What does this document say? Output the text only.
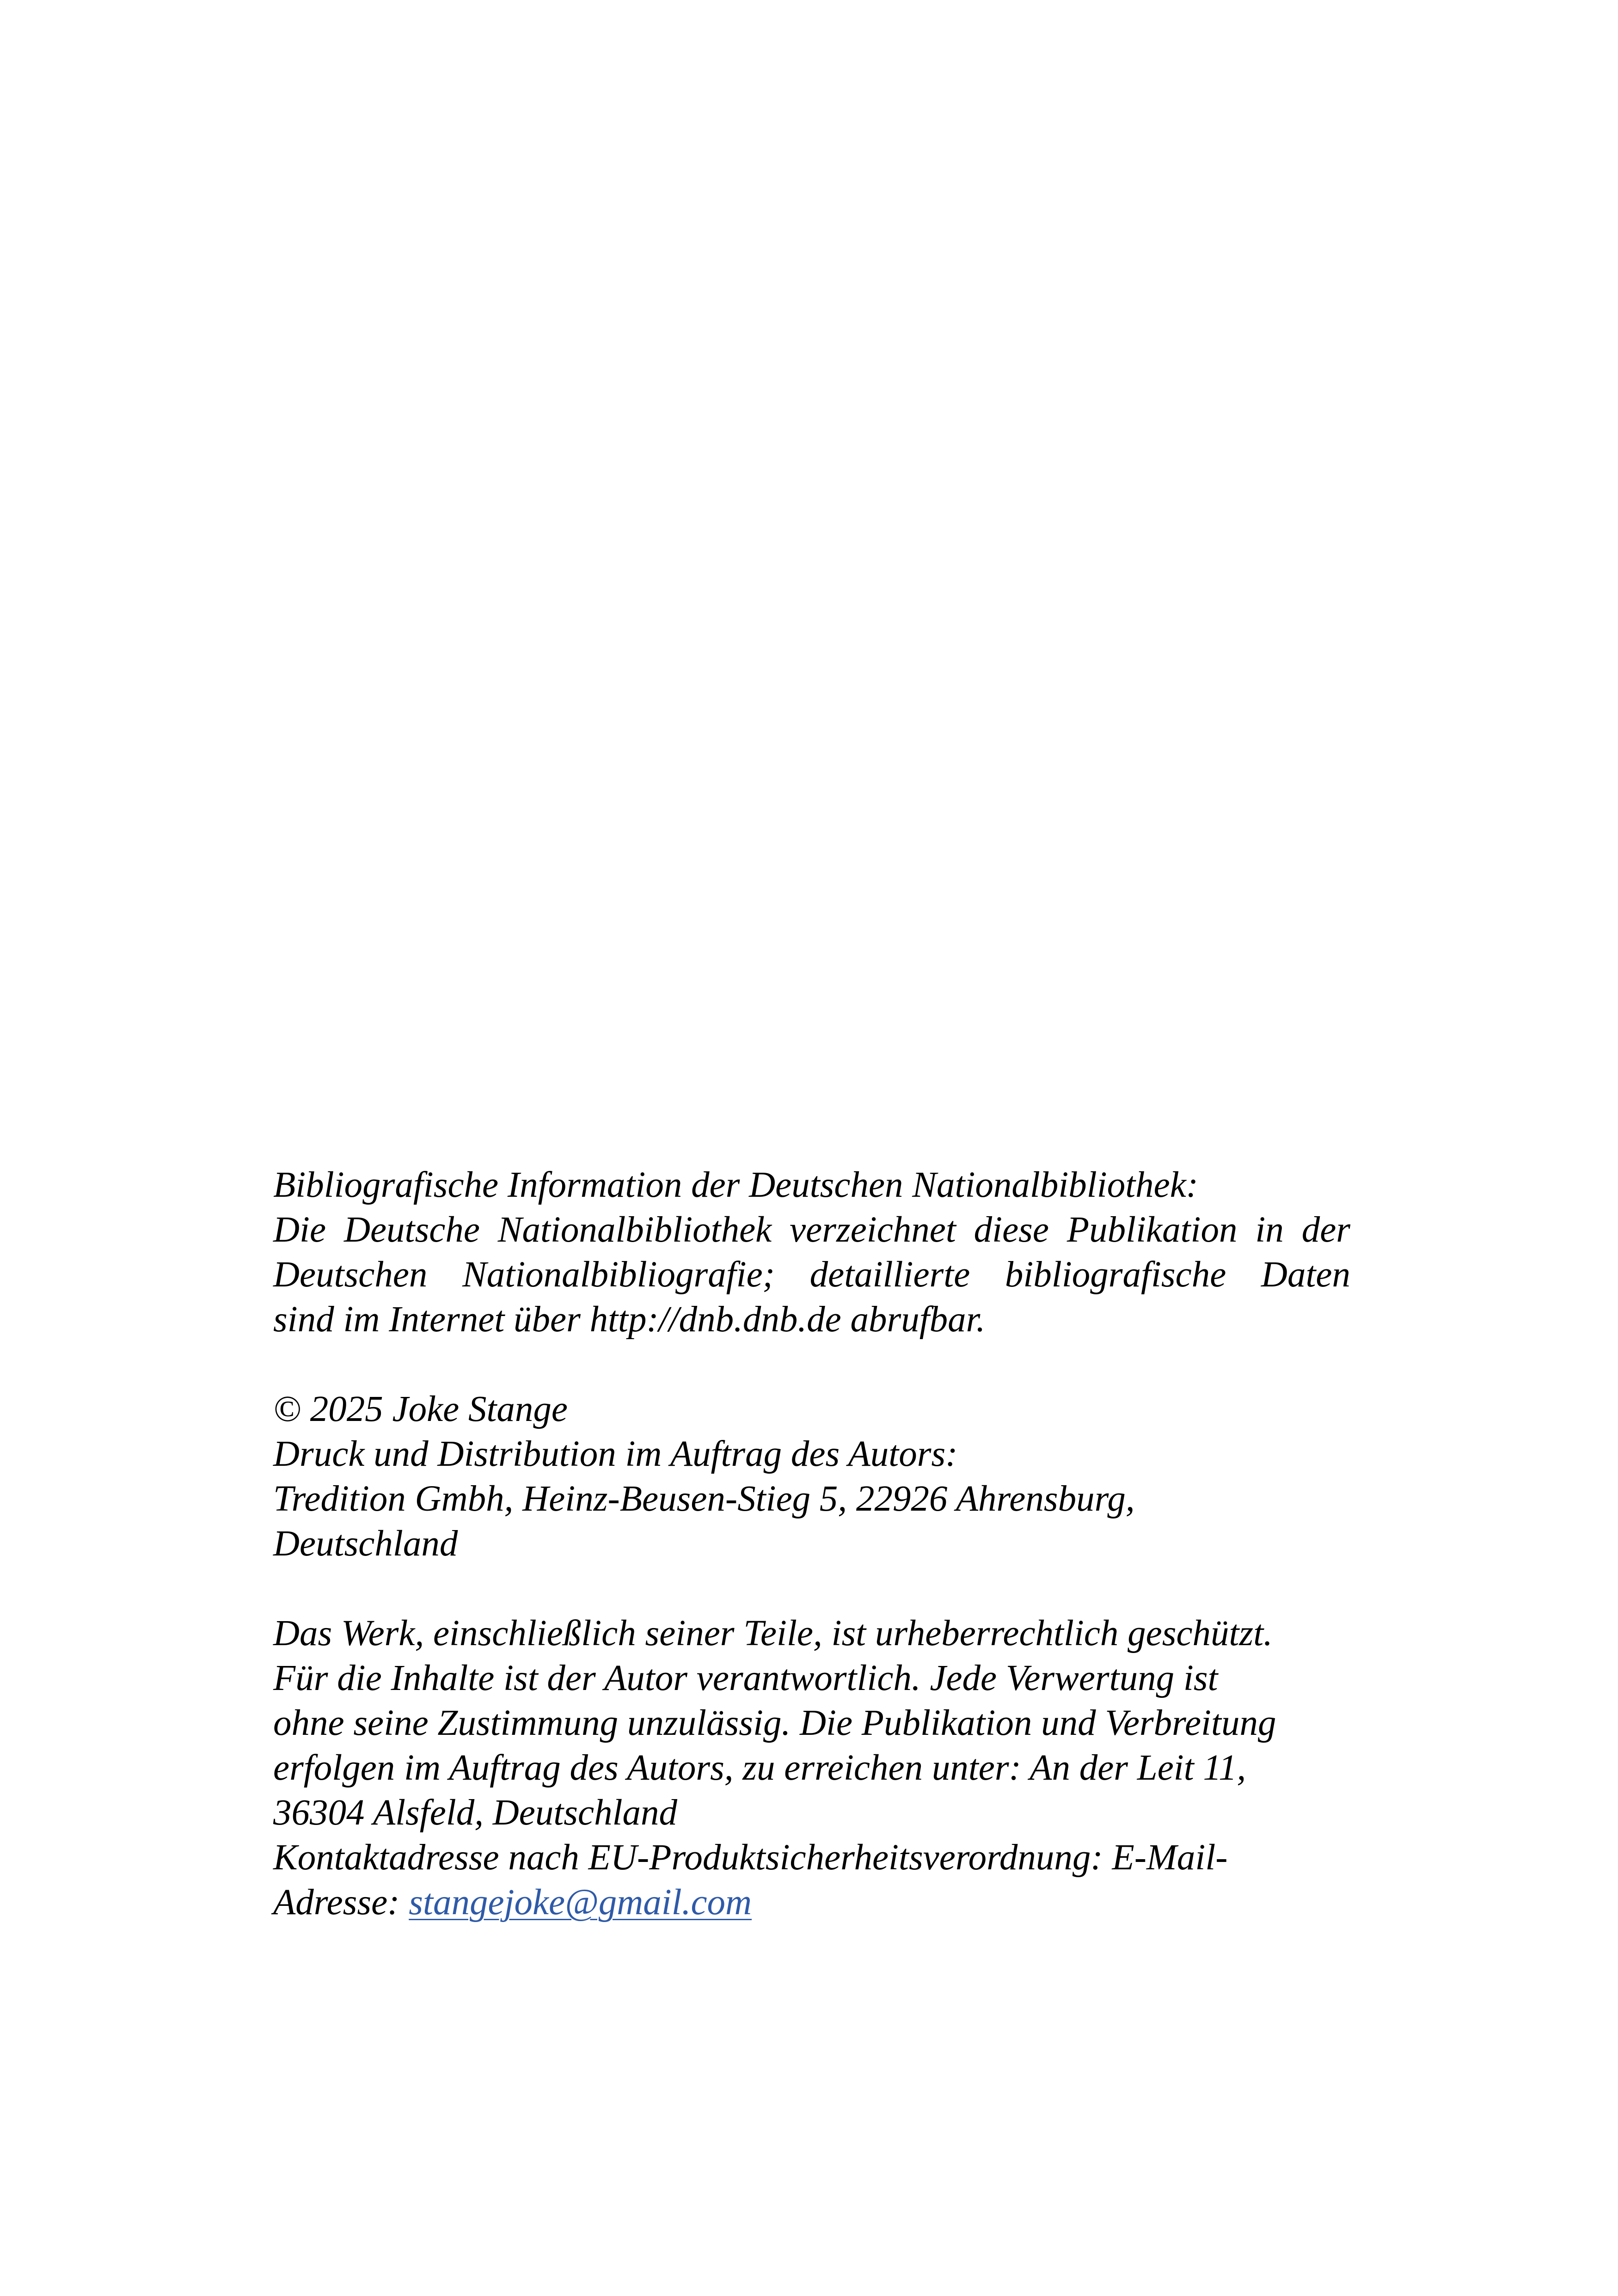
Bibliografische Information der Deutschen Nationalbibliothek:
Die Deutsche Nationalbibliothek verzeichnet diese Publikation in der
Deutschen Nationalbibliografie; detaillierte bibliografische Daten
sind im Internet über http://dnb.dnb.de abrufbar.
© 2025 Joke Stange
Druck und Distribution im Auftrag des Autors:
Tredition Gmbh, Heinz-Beusen-Stieg 5, 22926 Ahrensburg,
Deutschland
Das Werk, einschließlich seiner Teile, ist urheberrechtlich geschützt.
Für die Inhalte ist der Autor verantwortlich. Jede Verwertung ist
ohne seine Zustimmung unzulässig. Die Publikation und Verbreitung
erfolgen im Auftrag des Autors, zu erreichen unter: An der Leit 11,
36304 Alsfeld, Deutschland
Kontaktadresse nach EU-Produktsicherheitsverordnung: E-Mail-
Adresse: stangejoke@gmail.com
